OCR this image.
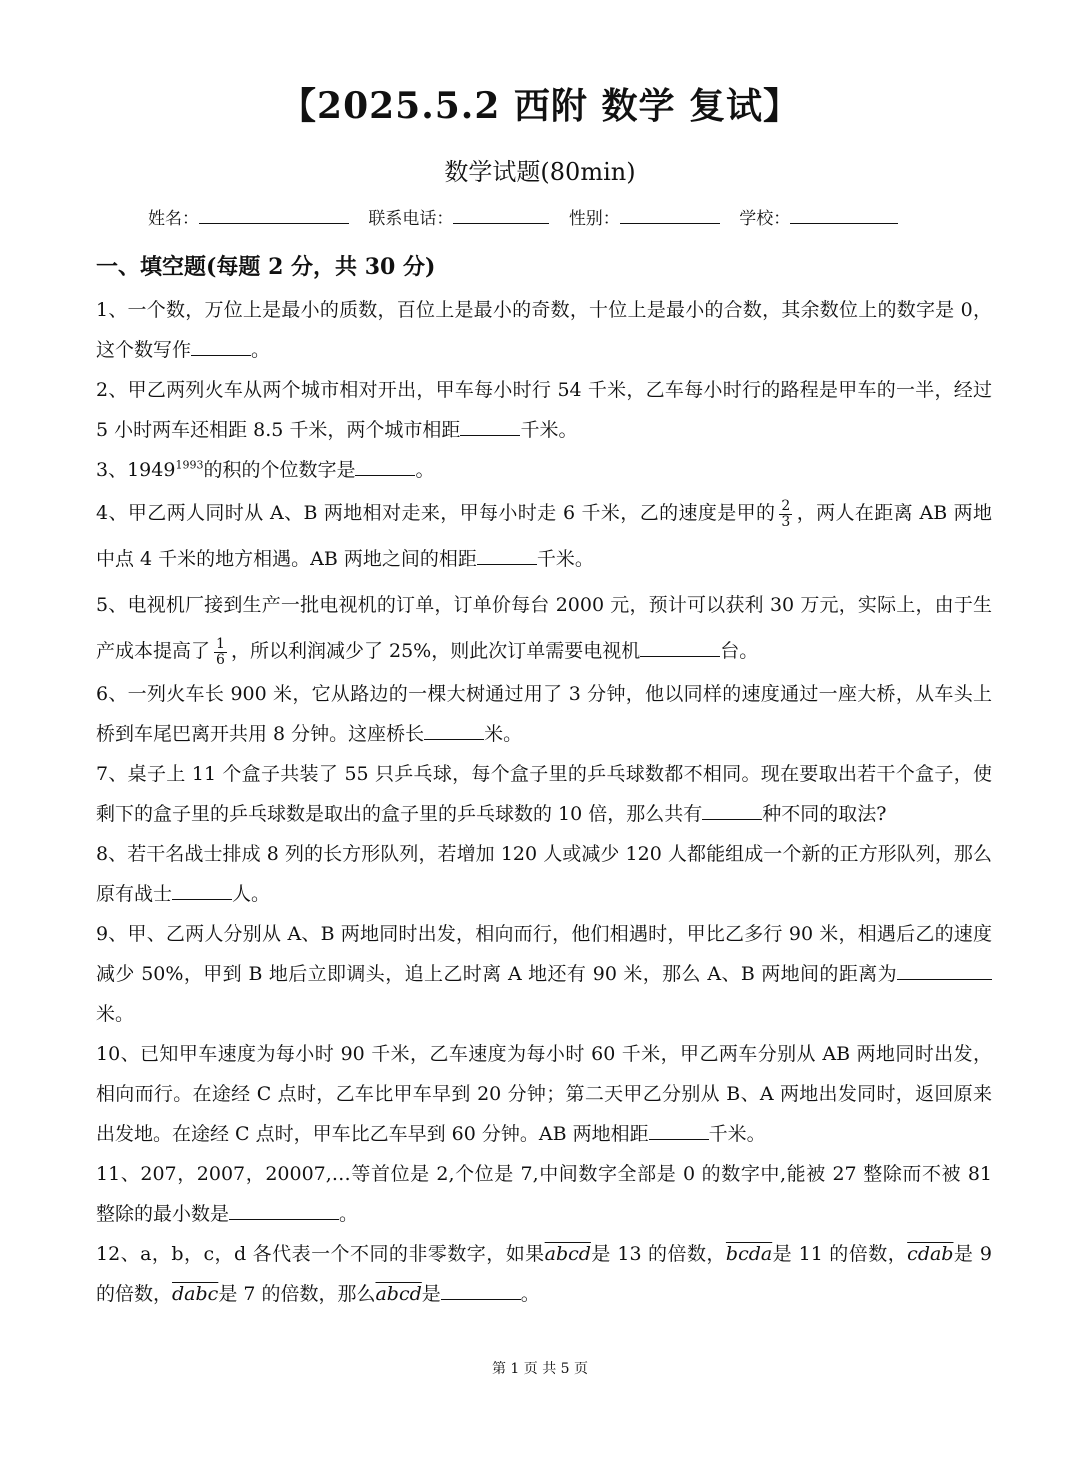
【2025.5.2 西附 数学 复试】
数学试题(80min)
姓名：	联系电话：	性别：	学校：
一、填空题(每题 2 分，共 30 分)

1、一个数，万位上是最小的质数，百位上是最小的奇数，十位上是最小的合数，其余数位上的数字是 0，这个数写作	。

2、甲乙两列火车从两个城市相对开出，甲车每小时行 54 千米，乙车每小时行的路程是甲车的一半，经过 5 小时两车还相距 8.5 千米，两个城市相距	千米。

3、$1949^{1993}$的积的个位数字是	。

4、甲乙两人同时从 A、B 两地相对走来，甲每小时走 6 千米，乙的速度是甲的 $\frac{2}{3}$ ，两人在距离 AB 两地中点 4 千米的地方相遇。AB 两地之间的相距	千米。

5、电视机厂接到生产一批电视机的订单，订单价每台 2000 元，预计可以获利 30 万元，实际上，由于生产成本提高了 $\frac{1}{6}$ ，所以利润减少了 25%，则此次订单需要电视机	台。

6、一列火车长 900 米，它从路边的一棵大树通过用了 3 分钟，他以同样的速度通过一座大桥，从车头上桥到车尾巴离开共用 8 分钟。这座桥长	米。

7、桌子上 11 个盒子共装了 55 只乒乓球，每个盒子里的乒乓球数都不相同。现在要取出若干个盒子，使剩下的盒子里的乒乓球数是取出的盒子里的乒乓球数的 10 倍，那么共有	种不同的取法?

8、若干名战士排成 8 列的长方形队列，若增加 120 人或减少 120 人都能组成一个新的正方形队列，那么原有战士	人。

9、甲、乙两人分别从 A、B 两地同时出发，相向而行，他们相遇时，甲比乙多行 90 米，相遇后乙的速度减少 50%，甲到 B 地后立即调头，追上乙时离 A 地还有 90 米，那么 A、B 两地间的距离为米。

10、已知甲车速度为每小时 90 千米，乙车速度为每小时 60 千米，甲乙两车分别从 AB 两地同时出发，相向而行。在途经 C 点时，乙车比甲车早到 20 分钟；第二天甲乙分别从 B、A 两地出发同时，返回原来出发地。在途经 C 点时，甲车比乙车早到 60 分钟。AB 两地相距	千米。

11、207，2007，20007,…等首位是 2,个位是 7,中间数字全部是 0 的数字中,能被 27 整除而不被 81 整除的最小数是	。

12、a，b，c，d 各代表一个不同的非零数字，如果abcd是 13 的倍数，bcda是 11 的倍数，cdab是 9 的倍数，dabc是 7 的倍数，那么abcd是	。

第 1 页 共 5 页
